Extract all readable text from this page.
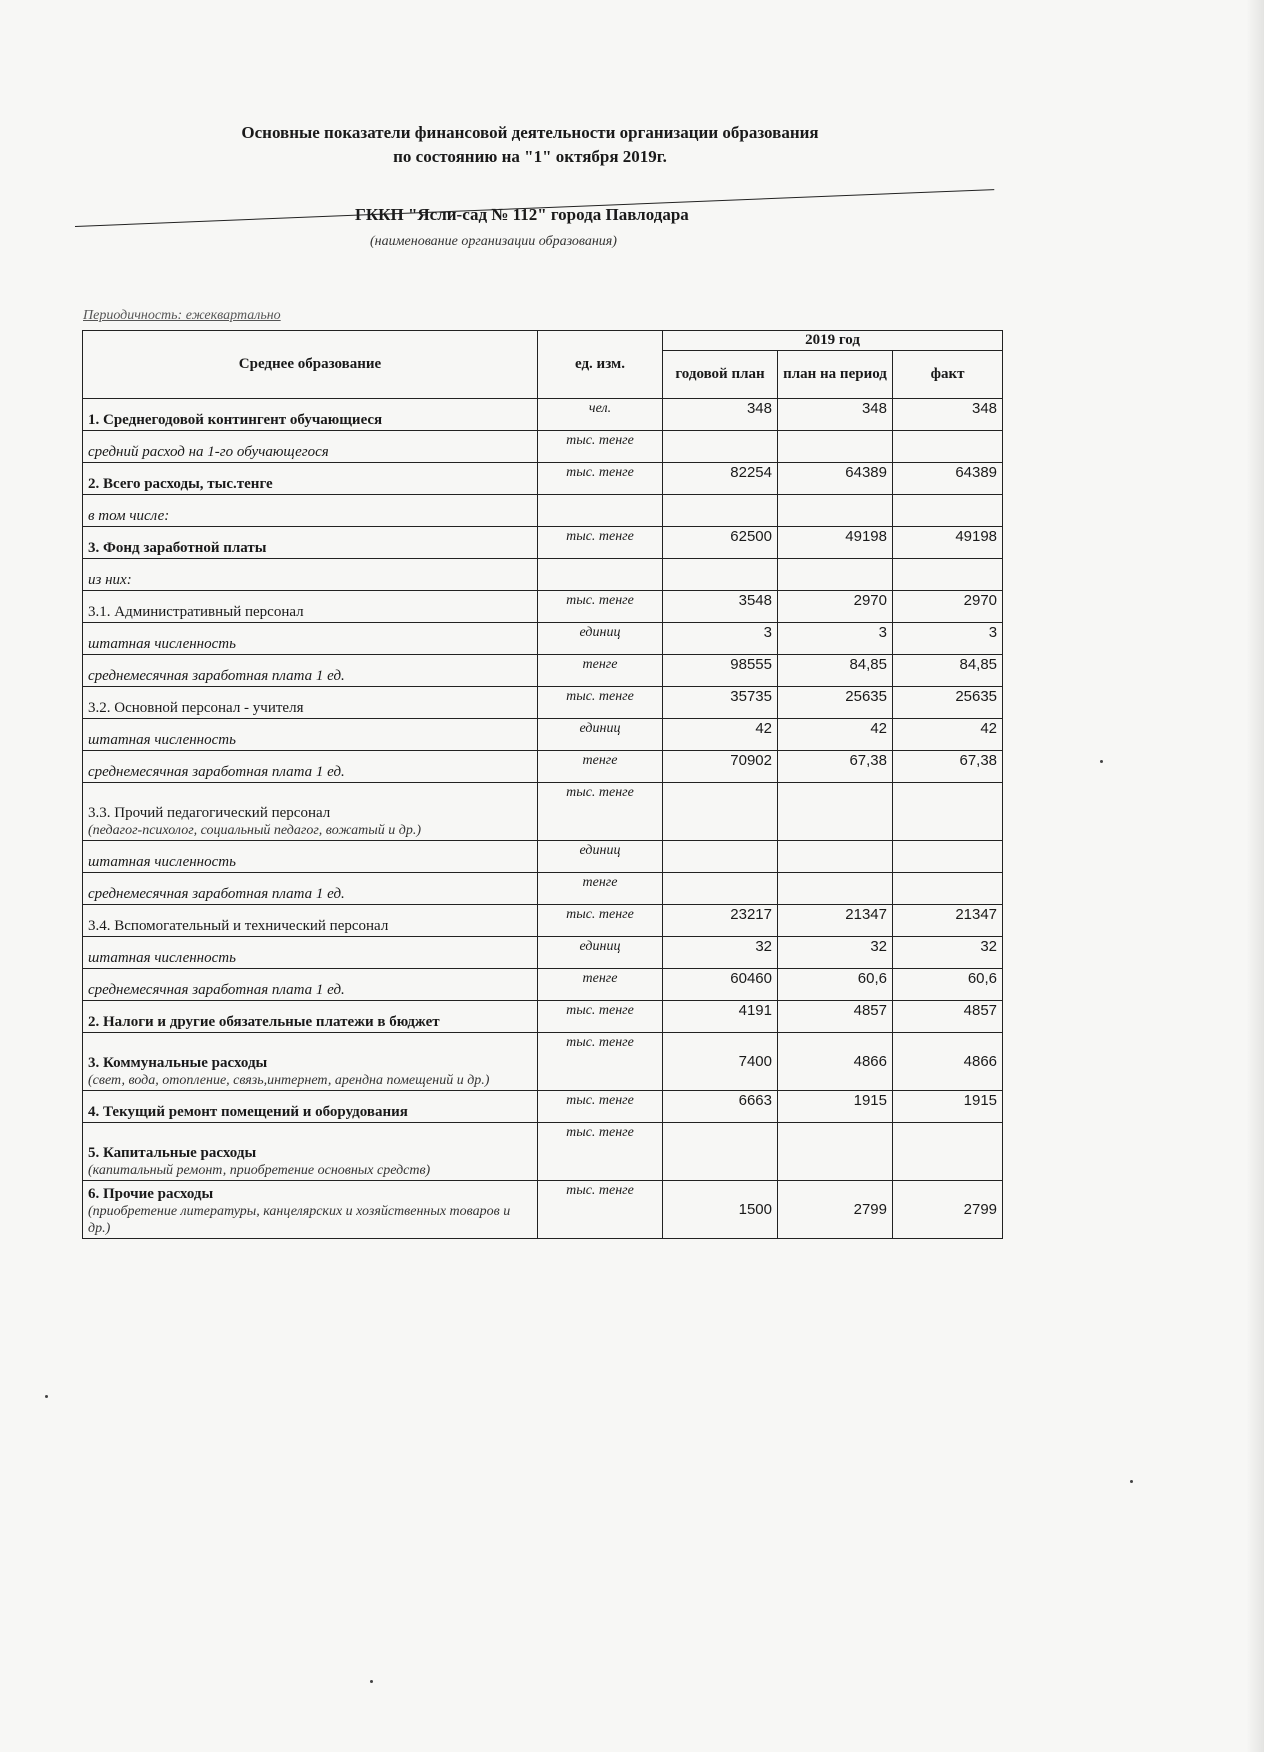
Основные показатели финансовой деятельности организации образования
по состоянию на "1" октября 2019г.
ГККП "Ясли-сад № 112" города Павлодара
(наименование организации образования)
Периодичность: ежеквартально
Среднее образование	ед. изм.	2019 год		
		годовой план	план на период	факт
1. Среднегодовой контингент обучающиеся	чел.	348	348	348
средний расход на 1-го обучающегося	тыс. тенге			
2. Всего расходы, тыс.тенге	тыс. тенге	82254	64389	64389
в том числе:				
3. Фонд заработной платы	тыс. тенге	62500	49198	49198
из них:				
3.1. Административный персонал	тыс. тенге	3548	2970	2970
штатная численность	единиц	3	3	3
среднемесячная заработная плата 1 ед.	тенге	98555	84,85	84,85
3.2. Основной персонал - учителя	тыс. тенге	35735	25635	25635
штатная численность	единиц	42	42	42
среднемесячная заработная плата 1 ед.	тенге	70902	67,38	67,38
3.3. Прочий педагогический персонал
(педагог-психолог, социальный педагог, вожатый и др.)	тыс. тенге			
штатная численность	единиц			
среднемесячная заработная плата 1 ед.	тенге			
3.4. Вспомогательный и технический персонал	тыс. тенге	23217	21347	21347
штатная численность	единиц	32	32	32
среднемесячная заработная плата 1 ед.	тенге	60460	60,6	60,6
2. Налоги и другие обязательные платежи в бюджет	тыс. тенге	4191	4857	4857
3. Коммунальные расходы
(свет, вода, отопление, связь,интернет, арендна помещений и др.)	тыс. тенге	7400	4866	4866
4. Текущий ремонт помещений и оборудования	тыс. тенге	6663	1915	1915
5. Капитальные расходы
(капитальный ремонт, приобретение основных средств)	тыс. тенге			
6. Прочие расходы
(приобретение литературы, канцелярских и хозяйственных товаров и др.)	тыс. тенге	1500	2799	2799
